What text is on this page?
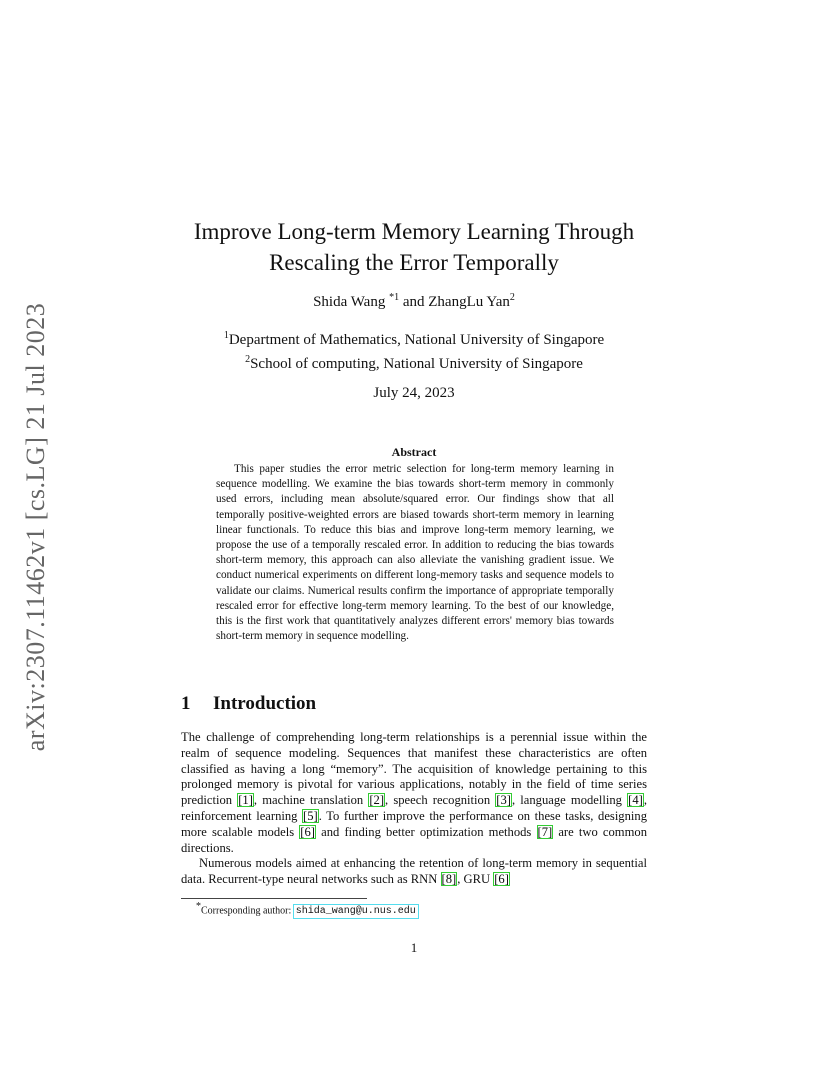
arXiv:2307.11462v1 [cs.LG] 21 Jul 2023
Improve Long-term Memory Learning Through
Rescaling the Error Temporally
Shida Wang $^{*1}$ and ZhangLu Yan$^2$
$^1$Department of Mathematics, National University of Singapore
$^2$School of computing, National University of Singapore
July 24, 2023
Abstract

This paper studies the error metric selection for long-term memory learning in sequence modelling. We examine the bias towards short-term memory in commonly used errors, including mean absolute/squared error. Our findings show that all temporally positive-weighted errors are biased towards short-term memory in learning linear functionals. To reduce this bias and improve long-term memory learning, we propose the use of a temporally rescaled error. In addition to reducing the bias towards short-term memory, this approach can also alleviate the vanishing gradient issue. We conduct numerical experiments on different long-memory tasks and sequence models to validate our claims. Numerical results confirm the importance of appropriate temporally rescaled error for effective long-term memory learning. To the best of our knowledge, this is the first work that quantitatively analyzes different errors' memory bias towards short-term memory in sequence modelling.

1 Introduction

The challenge of comprehending long-term relationships is a perennial issue within the realm of sequence modeling. Sequences that manifest these characteristics are often classified as having a long “memory”. The acquisition of knowledge pertaining to this prolonged memory is pivotal for various applications, notably in the field of time series prediction [1], machine translation [2], speech recognition [3], language modelling [4], reinforcement learning [5]. To further improve the performance on these tasks, designing more scalable models [6] and finding better optimization methods [7] are two common directions.

Numerous models aimed at enhancing the retention of long-term memory in sequential data. Recurrent-type neural networks such as RNN [8], GRU [6]

*Corresponding author: shida_wang@u.nus.edu
1
